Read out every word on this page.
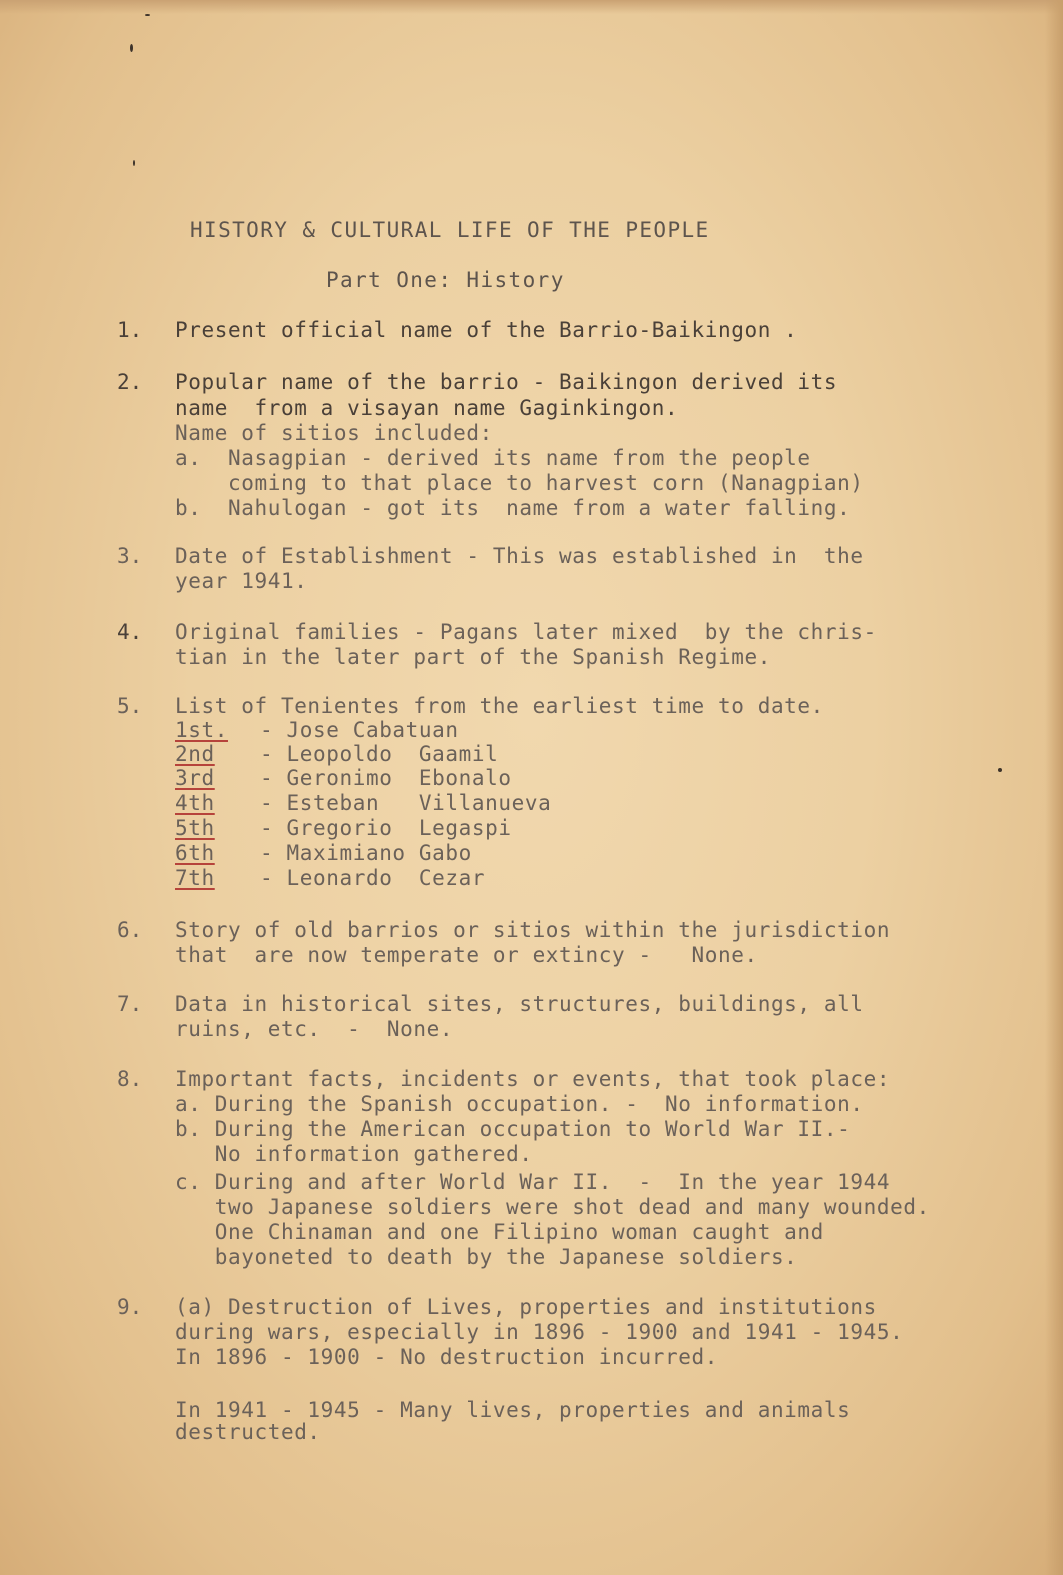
HISTORY & CULTURAL LIFE OF THE PEOPLE
Part One: History
1. Present official name of the Barrio-Baikingon .
2. Popular name of the barrio - Baikingon derived its
name  from a visayan name Gaginkingon.
Name of sitios included:
a.  Nasagpian - derived its name from the people
coming to that place to harvest corn (Nanagpian)
b.  Nahulogan - got its  name from a water falling.
3. Date of Establishment - This was established in  the
year 1941.
4. Original families - Pagans later mixed  by the chris-
tian in the later part of the Spanish Regime.
5. List of Tenientes from the earliest time to date.
1st. - Jose Cabatuan
2nd - Leopoldo  Gaamil
3rd - Geronimo  Ebonalo
4th - Esteban   Villanueva
5th - Gregorio  Legaspi
6th - Maximiano Gabo
7th - Leonardo  Cezar
6. Story of old barrios or sitios within the jurisdiction
that  are now temperate or extincy -   None.
7. Data in historical sites, structures, buildings, all
ruins, etc.  -  None.
8. Important facts, incidents or events, that took place:
a. During the Spanish occupation. -  No information.
b. During the American occupation to World War II.-
No information gathered.
c. During and after World War II.  -  In the year 1944
two Japanese soldiers were shot dead and many wounded.
One Chinaman and one Filipino woman caught and
bayoneted to death by the Japanese soldiers.
9. (a) Destruction of Lives, properties and institutions
during wars, especially in 1896 - 1900 and 1941 - 1945.
In 1896 - 1900 - No destruction incurred.
In 1941 - 1945 - Many lives, properties and animals
destructed.
